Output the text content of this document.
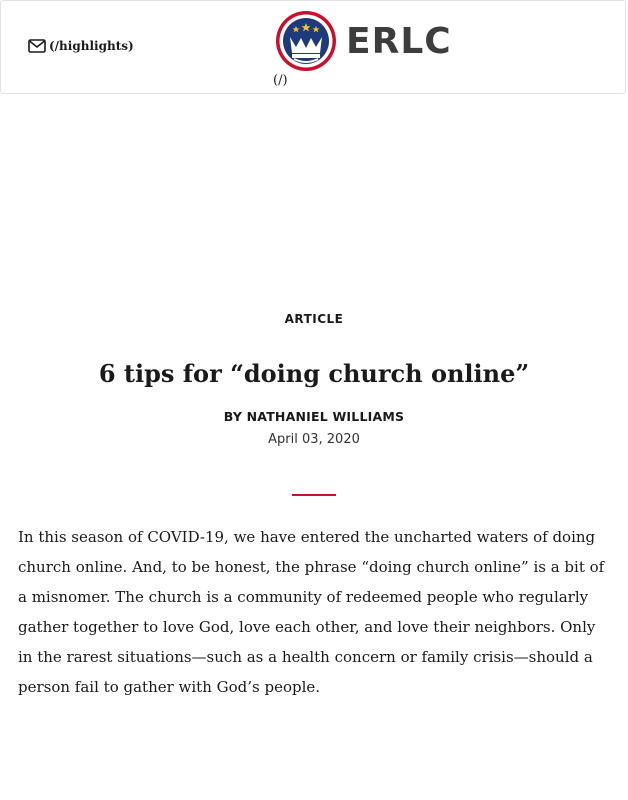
(/highlights)	ERLC
(/)
ARTICLE
6 tips for “doing church online”
BY NATHANIEL WILLIAMS
April 03, 2020

In this season of COVID-19, we have entered the uncharted waters of doing church online. And, to be honest, the phrase “doing church online” is a bit of a misnomer. The church is a community of redeemed people who regularly gather together to love God, love each other, and love their neighbors. Only in the rarest situations—such as a health concern or family crisis—should a person fail to gather with God’s people.
